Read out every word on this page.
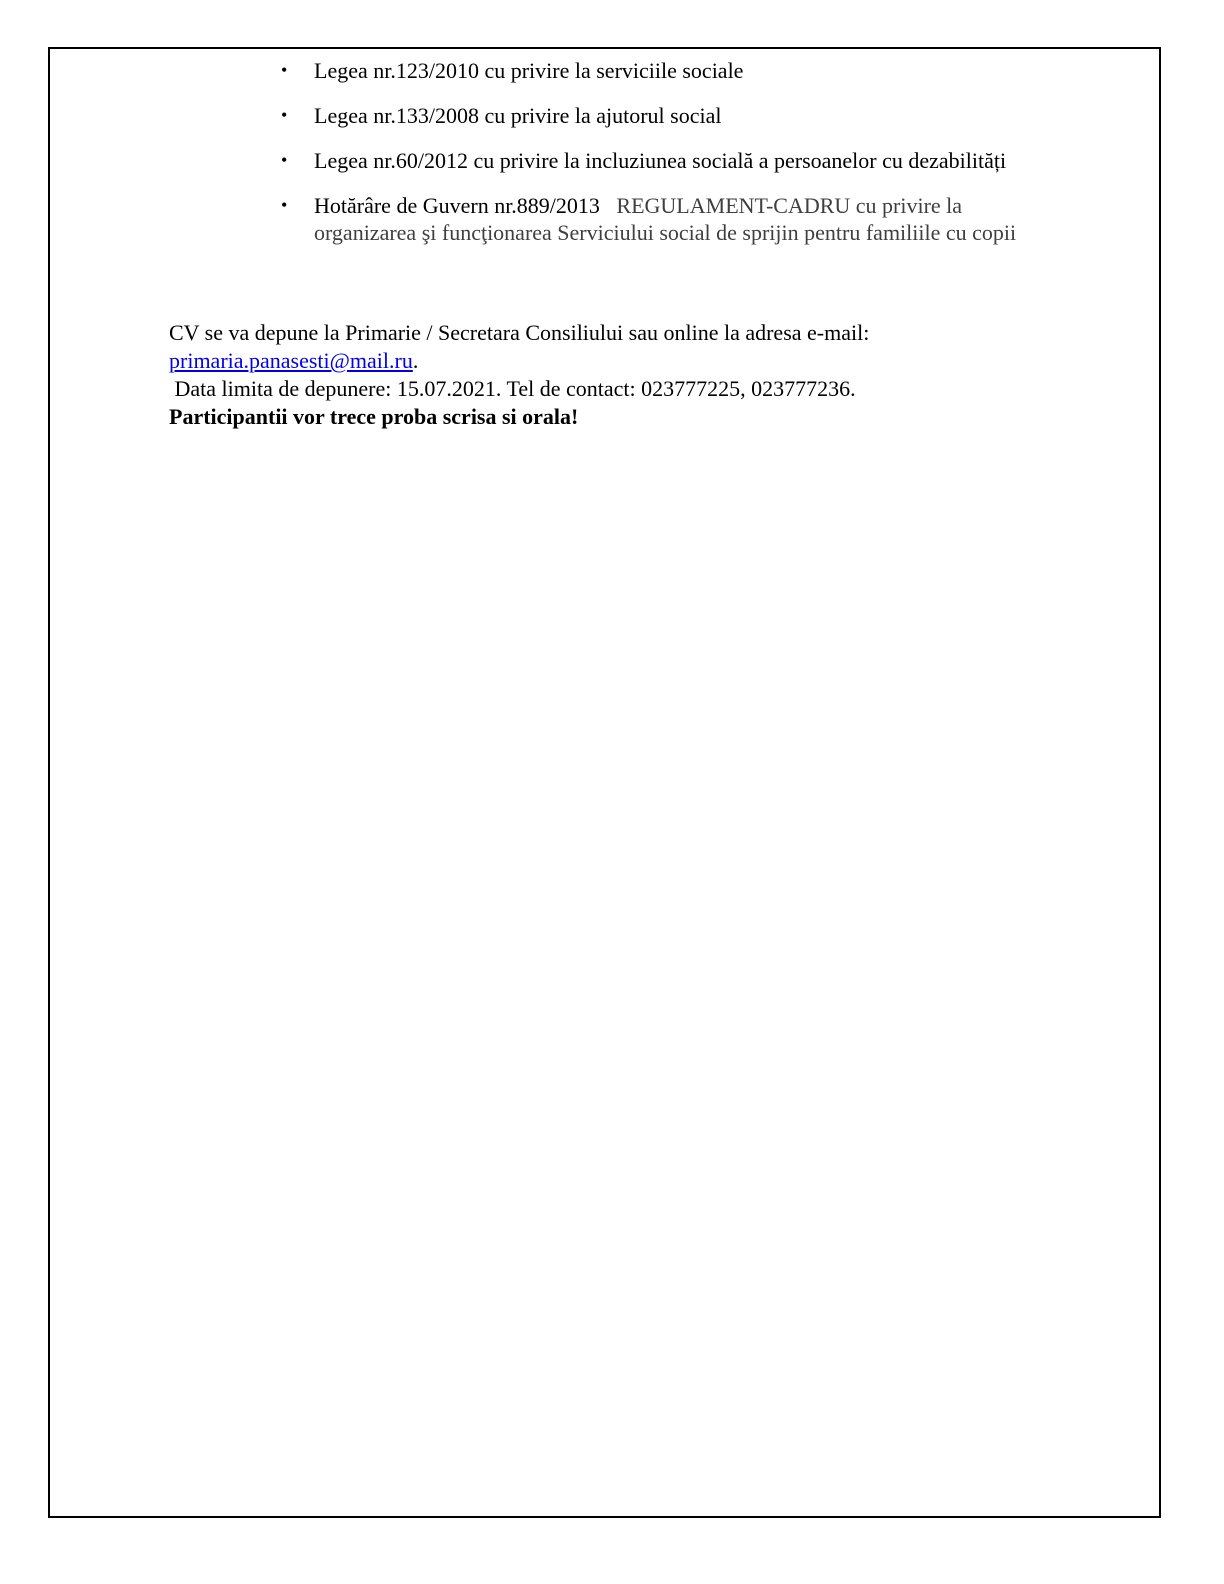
• Legea nr.123/2010 cu privire la serviciile sociale
• Legea nr.133/2008 cu privire la ajutorul social
• Legea nr.60/2012 cu privire la incluziunea socială a persoanelor cu dezabilități
• Hotărâre de Guvern nr.889/2013 REGULAMENT-CADRU cu privire la
organizarea şi funcţionarea Serviciului social de sprijin pentru familiile cu copii

CV se va depune la Primarie / Secretara Consiliului sau online la adresa e-mail:

primaria.panasesti@mail.ru.

Data limita de depunere: 15.07.2021. Tel de contact: 023777225, 023777236.

Participantii vor trece proba scrisa si orala!
